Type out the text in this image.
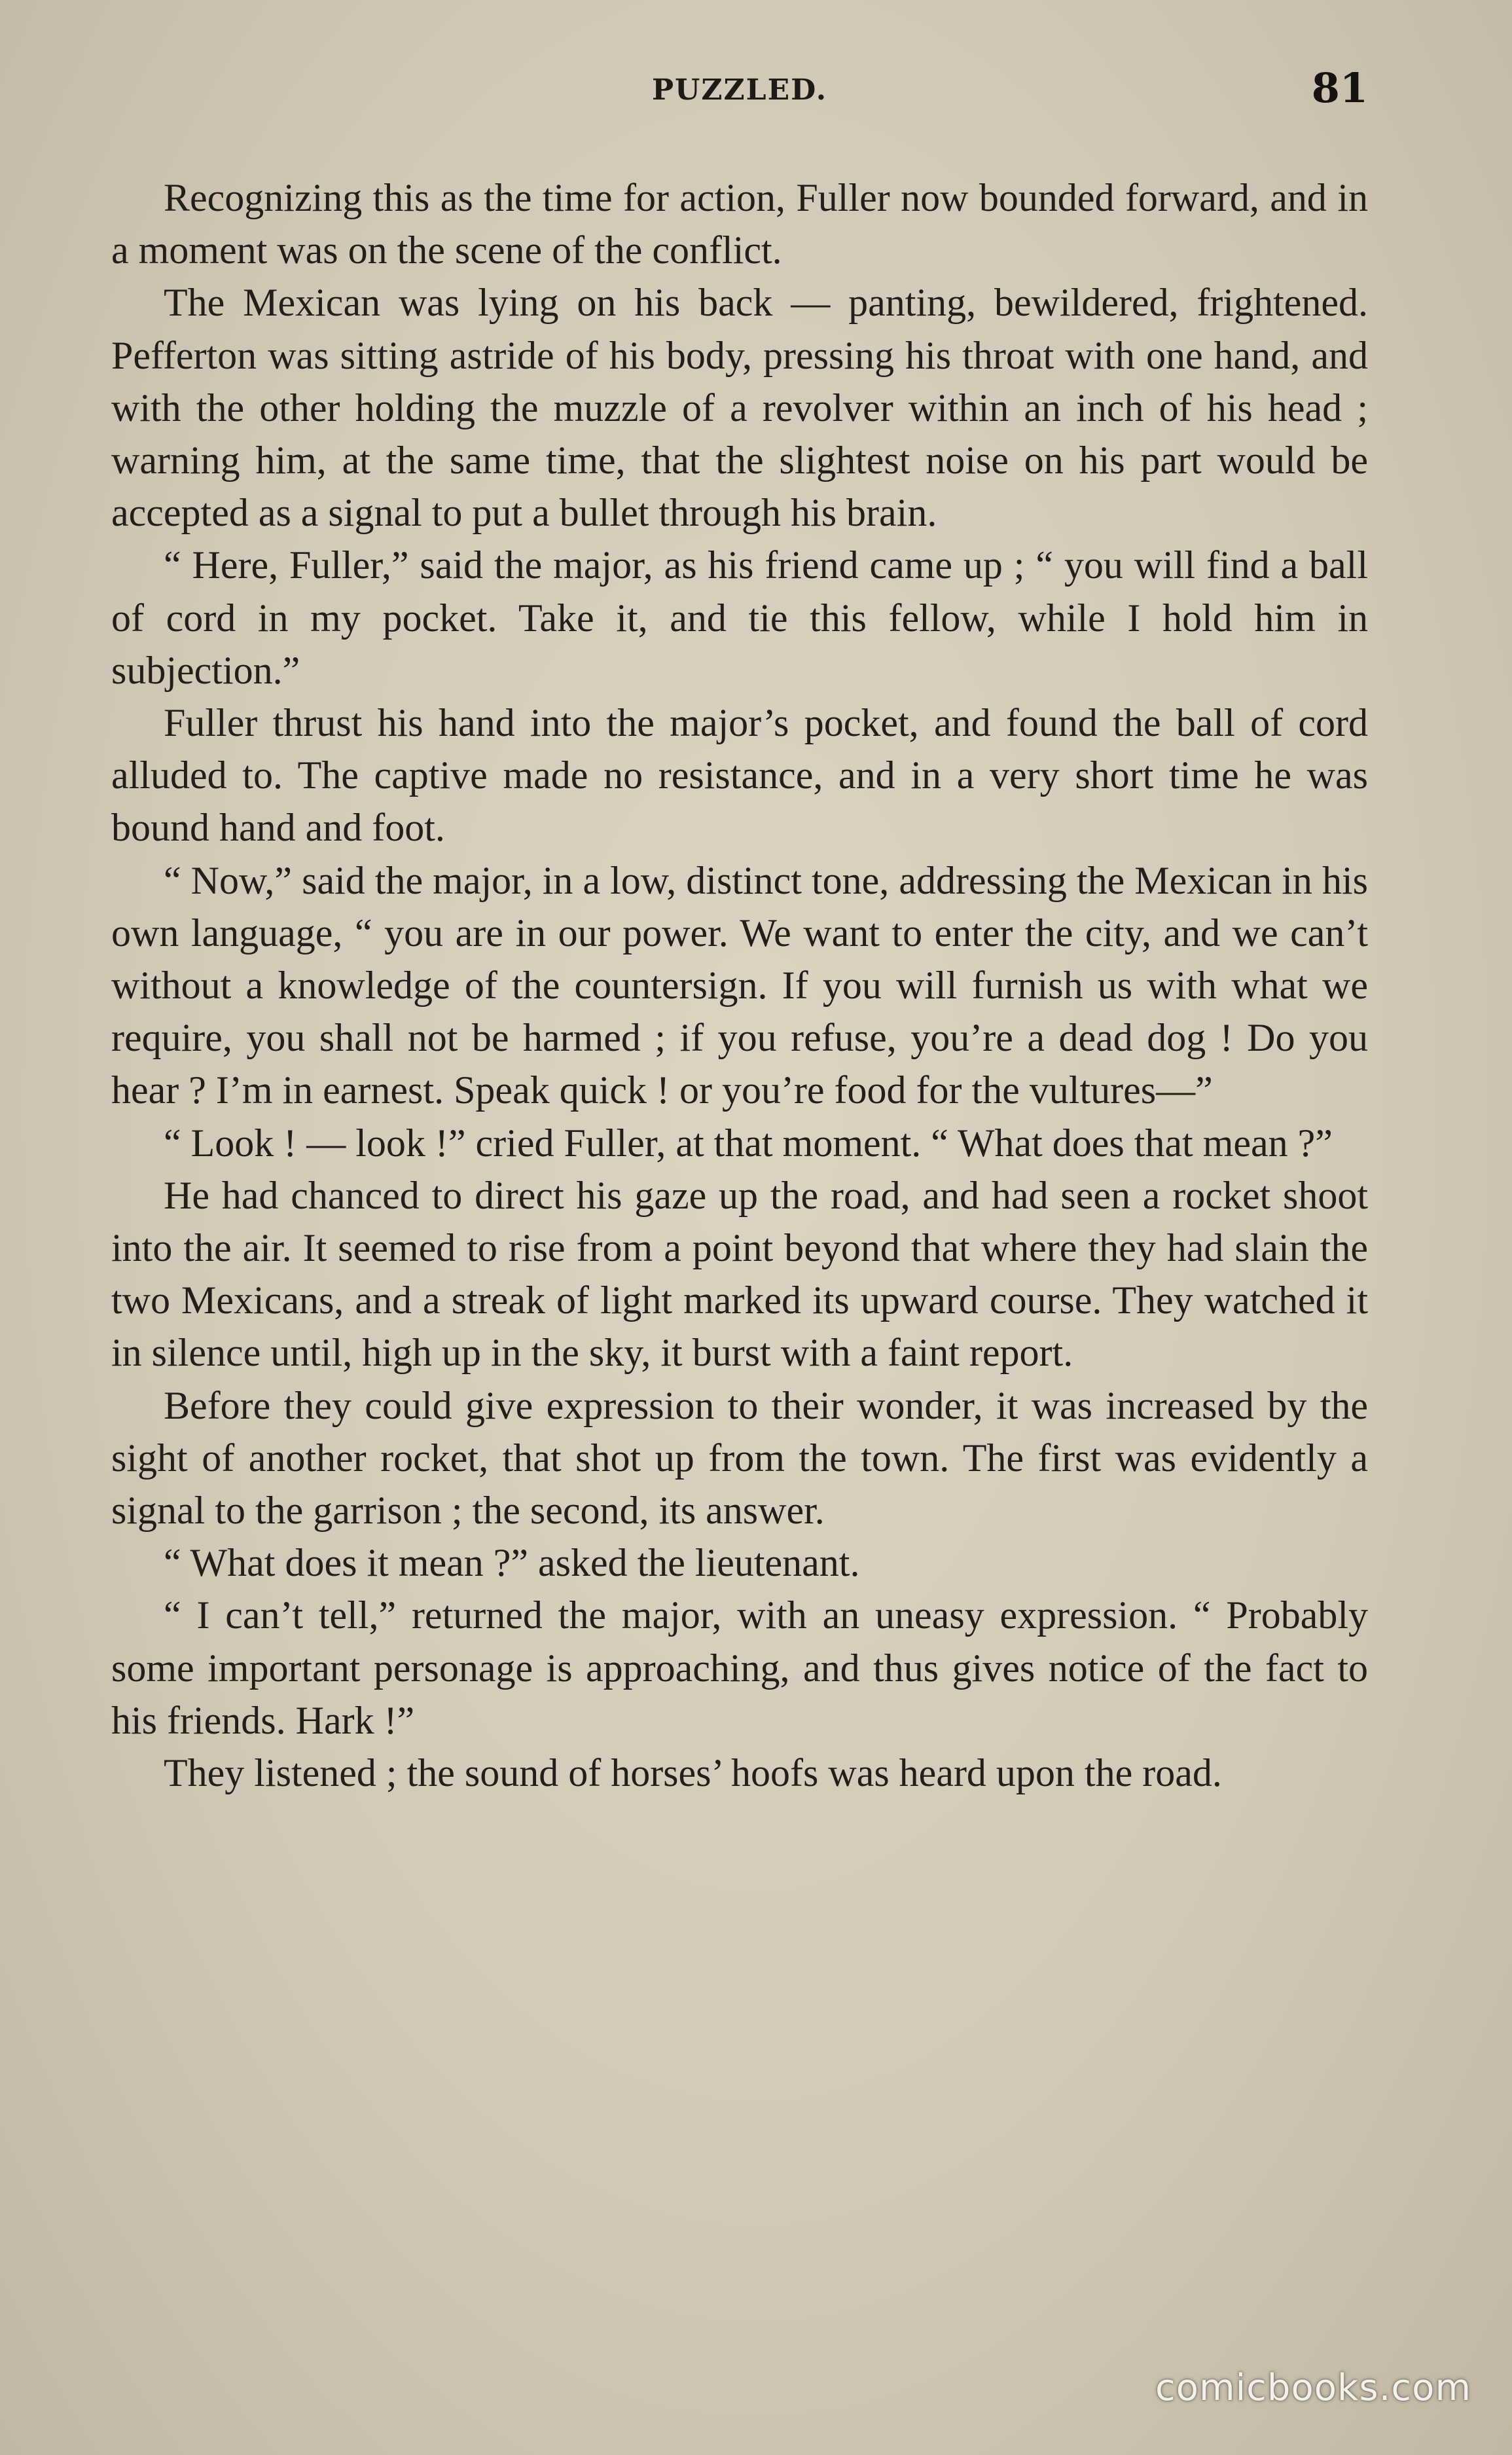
PUZZLED.	81

Recognizing this as the time for action, Fuller now bounded forward, and in a moment was on the scene of the conflict.

The Mexican was lying on his back — panting, bewildered, frightened. Pefferton was sitting astride of his body, pressing his throat with one hand, and with the other holding the muzzle of a revolver within an inch of his head ; warning him, at the same time, that the slightest noise on his part would be accepted as a signal to put a bullet through his brain.

“ Here, Fuller,” said the major, as his friend came up ; “ you will find a ball of cord in my pocket. Take it, and tie this fellow, while I hold him in subjection.”

Fuller thrust his hand into the major’s pocket, and found the ball of cord alluded to. The captive made no resistance, and in a very short time he was bound hand and foot.

“ Now,” said the major, in a low, distinct tone, addressing the Mexican in his own language, “ you are in our power. We want to enter the city, and we can’t without a knowledge of the countersign. If you will furnish us with what we require, you shall not be harmed ; if you refuse, you’re a dead dog ! Do you hear ? I’m in earnest. Speak quick ! or you’re food for the vultures—”

“ Look ! — look !” cried Fuller, at that moment. “ What does that mean ?”

He had chanced to direct his gaze up the road, and had seen a rocket shoot into the air. It seemed to rise from a point beyond that where they had slain the two Mexicans, and a streak of light marked its upward course. They watched it in silence until, high up in the sky, it burst with a faint report.

Before they could give expression to their wonder, it was increased by the sight of another rocket, that shot up from the town. The first was evidently a signal to the garrison ; the second, its answer.

“ What does it mean ?” asked the lieutenant.

“ I can’t tell,” returned the major, with an uneasy expression. “ Probably some important personage is approaching, and thus gives notice of the fact to his friends. Hark !”

They listened ; the sound of horses’ hoofs was heard upon the road.

comicbooks.com
